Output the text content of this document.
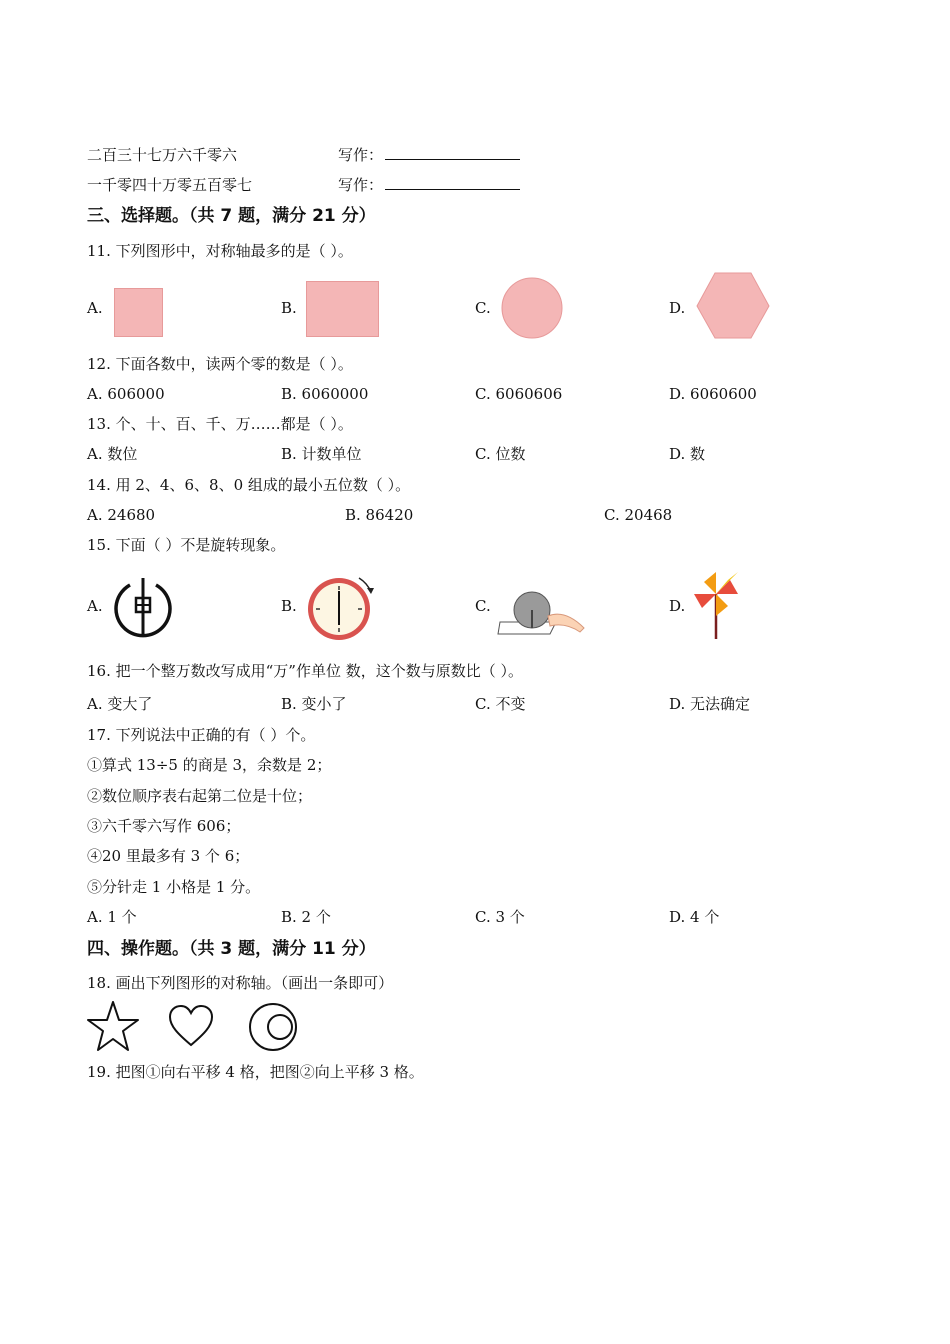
二百三十七万六千零六	写作：
一千零四十万零五百零七	写作：
三、选择题。（共 7 题，满分 21 分）
11. 下列图形中，对称轴最多的是（ ）。
A.	B.	C.	D.
12. 下面各数中，读两个零的数是（ ）。
A. 606000	B. 6060000	C. 6060606	D. 6060600
13. 个、十、百、千、万……都是（ ）。
A. 数位	B. 计数单位	C. 位数	D. 数
14. 用 2、4、6、8、0 组成的最小五位数（ ）。
A. 24680	B. 86420	C. 20468
15. 下面（ ）不是旋转现象。
A.	B.	C.	D.
16. 把一个整万数改写成用“万”作单位 数，这个数与原数比（ ）。
A. 变大了	B. 变小了	C. 不变	D. 无法确定
17. 下列说法中正确的有（ ）个。
①算式 13÷5 的商是 3，余数是 2；
②数位顺序表右起第二位是十位；
③六千零六写作 606；
④20 里最多有 3 个 6；
⑤分针走 1 小格是 1 分。
A. 1 个	B. 2 个	C. 3 个	D. 4 个
四、操作题。（共 3 题，满分 11 分）
18. 画出下列图形的对称轴。（画出一条即可）
19. 把图①向右平移 4 格，把图②向上平移 3 格。
